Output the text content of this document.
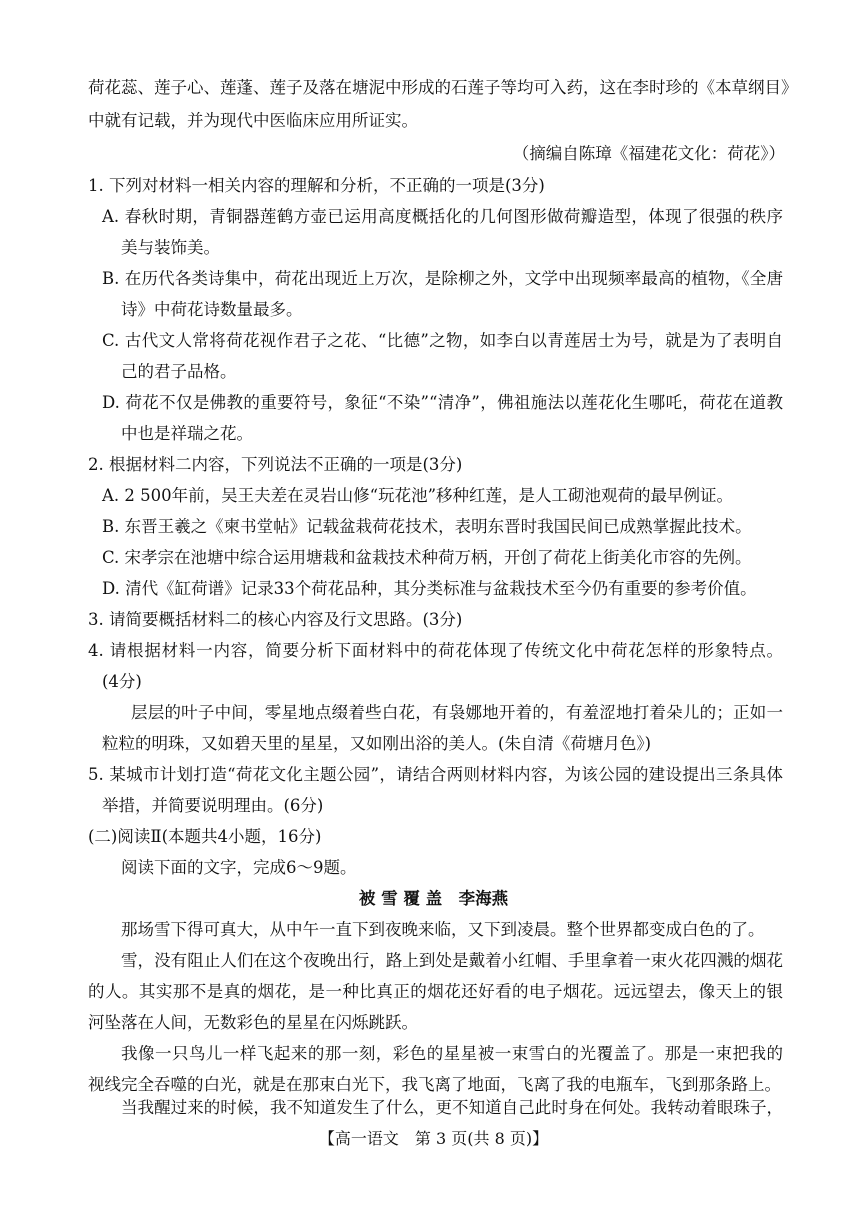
荷花蕊、莲子心、莲蓬、莲子及落在塘泥中形成的石莲子等均可入药，这在李时珍的《本草纲目》
中就有记载，并为现代中医临床应用所证实。
（摘编自陈璋《福建花文化：荷花》）
1. 下列对材料一相关内容的理解和分析，不正确的一项是(3分)
A. 春秋时期，青铜器莲鹤方壶已运用高度概括化的几何图形做荷瓣造型，体现了很强的秩序
美与装饰美。
B. 在历代各类诗集中，荷花出现近上万次，是除柳之外，文学中出现频率最高的植物，《全唐
诗》中荷花诗数量最多。
C. 古代文人常将荷花视作君子之花、“比德”之物，如李白以青莲居士为号，就是为了表明自
己的君子品格。
D. 荷花不仅是佛教的重要符号，象征“不染”“清净”，佛祖施法以莲花化生哪吒，荷花在道教
中也是祥瑞之花。
2. 根据材料二内容，下列说法不正确的一项是(3分)
A. 2 500年前，吴王夫差在灵岩山修“玩花池”移种红莲，是人工砌池观荷的最早例证。
B. 东晋王羲之《柬书堂帖》记载盆栽荷花技术，表明东晋时我国民间已成熟掌握此技术。
C. 宋孝宗在池塘中综合运用塘栽和盆栽技术种荷万柄，开创了荷花上街美化市容的先例。
D. 清代《缸荷谱》记录33个荷花品种，其分类标准与盆栽技术至今仍有重要的参考价值。
3. 请简要概括材料二的核心内容及行文思路。(3分)
4. 请根据材料一内容，简要分析下面材料中的荷花体现了传统文化中荷花怎样的形象特点。
(4分)
层层的叶子中间，零星地点缀着些白花，有袅娜地开着的，有羞涩地打着朵儿的；正如一
粒粒的明珠，又如碧天里的星星，又如刚出浴的美人。(朱自清《荷塘月色》)
5. 某城市计划打造“荷花文化主题公园”，请结合两则材料内容，为该公园的建设提出三条具体
举措，并简要说明理由。(6分)
(二)阅读Ⅱ(本题共4小题，16分)
阅读下面的文字，完成6～9题。
被 雪 覆 盖　李海燕
那场雪下得可真大，从中午一直下到夜晚来临，又下到凌晨。整个世界都变成白色的了。
雪，没有阻止人们在这个夜晚出行，路上到处是戴着小红帽、手里拿着一束火花四溅的烟花
的人。其实那不是真的烟花，是一种比真正的烟花还好看的电子烟花。远远望去，像天上的银
河坠落在人间，无数彩色的星星在闪烁跳跃。
我像一只鸟儿一样飞起来的那一刻，彩色的星星被一束雪白的光覆盖了。那是一束把我的
视线完全吞噬的白光，就是在那束白光下，我飞离了地面，飞离了我的电瓶车，飞到那条路上。
当我醒过来的时候，我不知道发生了什么，更不知道自己此时身在何处。我转动着眼珠子，
【高一语文　第 3 页(共 8 页)】
